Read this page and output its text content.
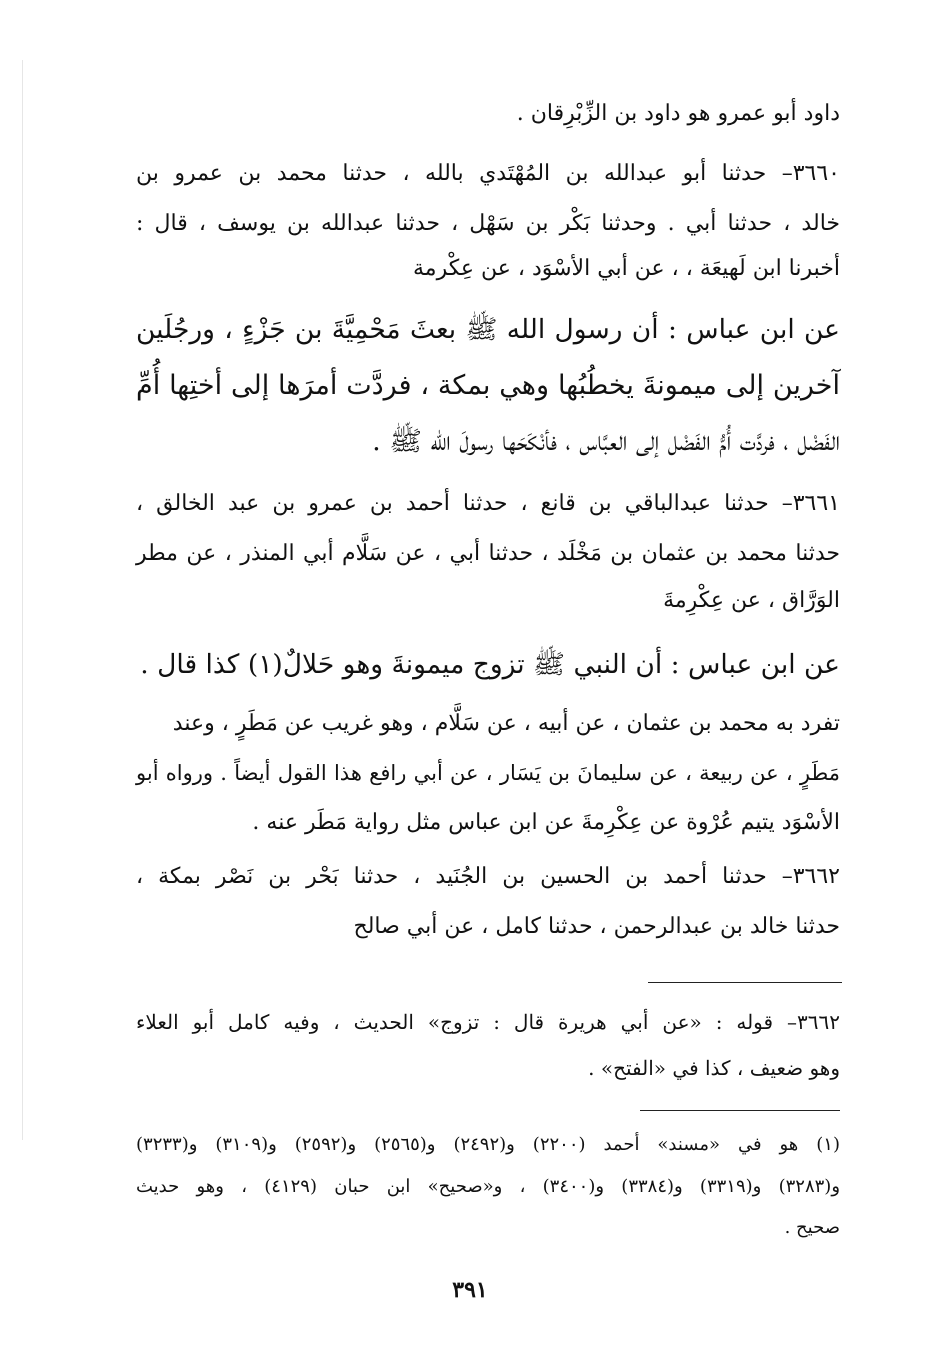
داود أبو عمرو هو داود بن الزِّبْرِقان .
٣٦٦٠– حدثنا أبو عبدالله بن المُهْتَدي بالله ، حدثنا محمد بن عمرو بن
خالد ، حدثنا أبي . وحدثنا بَكْر بن سَهْل ، حدثنا عبدالله بن يوسف ، قال :
أخبرنا ابن لَهيعَة ، ، عن أبي الأسْوَد ، عن عِكْرمة
عن ابن عباس : أن رسول الله ﷺ بعثَ مَحْمِيَّةَ بن جَزْءٍ ، ورجُلَين
آخرين إلى ميمونةَ يخطُبُها وهي بمكة ، فردَّت أمرَها إلى أختِها أُمِّ
الفَضْل ، فردَّت أُمُّ الفَضْل إلى العبَّاس ، فأنْكَحَها رسولَ الله ﷺ .
٣٦٦١– حدثنا عبدالباقي بن قانع ، حدثنا أحمد بن عمرو بن عبد الخالق ،
حدثنا محمد بن عثمان بن مَخْلَد ، حدثنا أبي ، عن سَلَّام أبي المنذر ، عن مطر
الوَرَّاق ، عن عِكْرِمةَ
عن ابن عباس : أن النبي ﷺ تزوج ميمونةَ وهو حَلالٌ(١) كذا قال .
تفرد به محمد بن عثمان ، عن أبيه ، عن سَلَّام ، وهو غريب عن مَطَرٍ ، وعند
مَطَرٍ ، عن ربيعة ، عن سليمانَ بن يَسَار ، عن أبي رافع هذا القول أيضاً . ورواه أبو
الأسْوَد يتيم عُرْوة عن عِكْرِمةَ عن ابن عباس مثل رواية مَطَر عنه .
٣٦٦٢– حدثنا أحمد بن الحسين بن الجُنَيد ، حدثنا بَحْر بن نَصْر بمكة ،
حدثنا خالد بن عبدالرحمن ، حدثنا كامل ، عن أبي صالح
٣٦٦٢– قوله : «عن أبي هريرة قال : تزوج» الحديث ، وفيه كامل أبو العلاء
وهو ضعيف ، كذا في «الفتح» .
(١) هو في «مسند» أحمد (٢٢٠٠) و(٢٤٩٢) و(٢٥٦٥) و(٢٥٩٢) و(٣١٠٩) و(٣٢٣٣)
و(٣٢٨٣) و(٣٣١٩) و(٣٣٨٤) و(٣٤٠٠) ، و«صحيح» ابن حبان (٤١٢٩) ، وهو حديث
صحيح .
٣٩١
